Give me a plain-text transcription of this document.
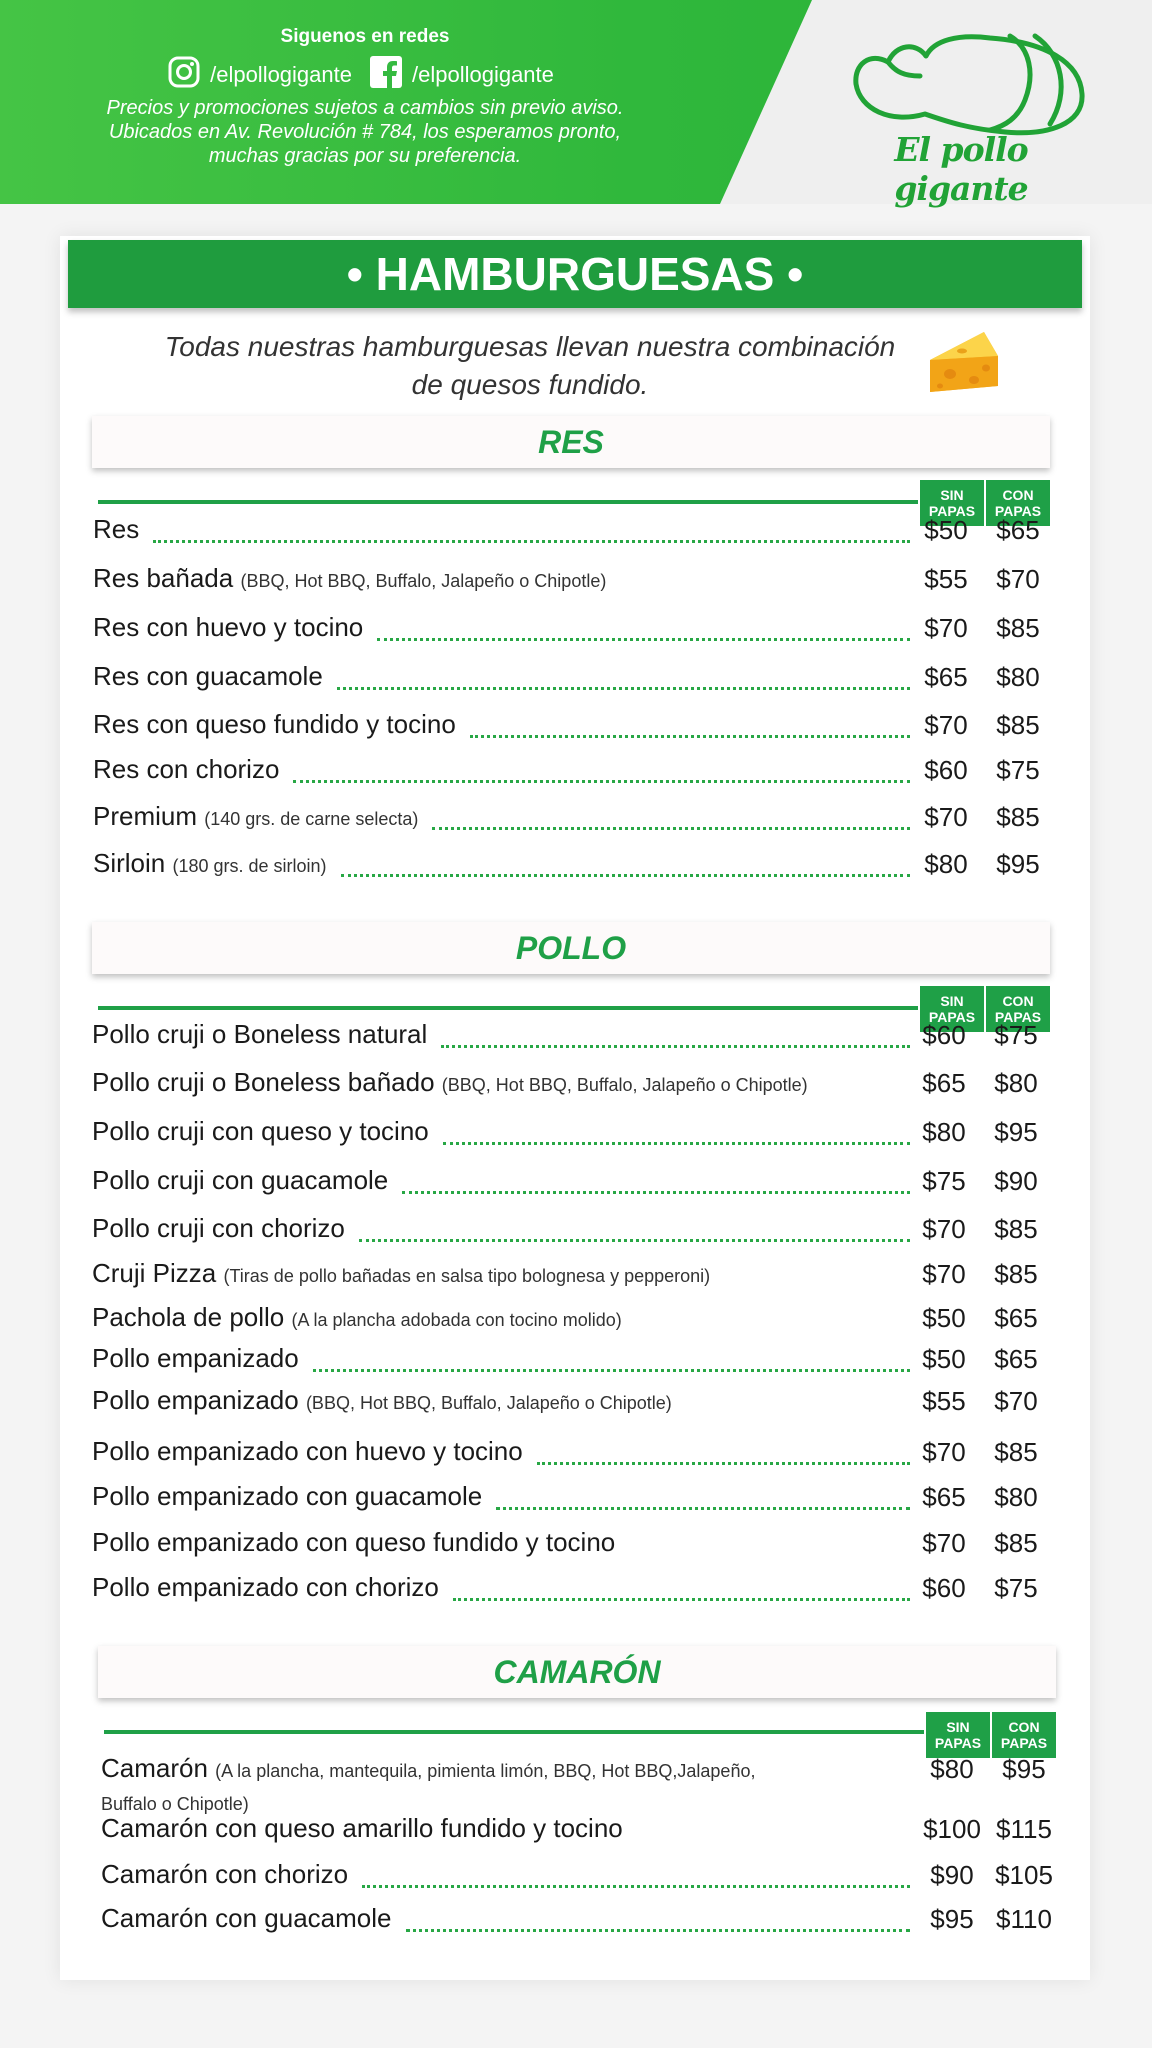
Siguenos en redes
/elpollogigante	/elpollogigante
Precios y promociones sujetos a cambios sin previo aviso.
Ubicados en Av. Revolución # 784, los esperamos pronto,
muchas gracias por su preferencia.	El pollo gigante
• HAMBURGUESAS •
Todas nuestras hamburguesas llevan nuestra combinación
de quesos fundido.
RES
SIN
PAPAS
CON
PAPAS
Res	$50	$65
Res bañada (BBQ, Hot BBQ, Buffalo, Jalapeño o Chipotle)	$55	$70
Res con huevo y tocino	$70	$85
Res con guacamole	$65	$80
Res con queso fundido y tocino	$70	$85
Res con chorizo	$60	$75
Premium (140 grs. de carne selecta)	$70	$85
Sirloin (180 grs. de sirloin)	$80	$95
POLLO
SIN
PAPAS
CON
PAPAS
Pollo cruji o Boneless natural	$60	$75
Pollo cruji o Boneless bañado (BBQ, Hot BBQ, Buffalo, Jalapeño o Chipotle)	$65	$80
Pollo cruji con queso y tocino	$80	$95
Pollo cruji con guacamole	$75	$90
Pollo cruji con chorizo	$70	$85
Cruji Pizza (Tiras de pollo bañadas en salsa tipo bolognesa y pepperoni)	$70	$85
Pachola de pollo (A la plancha adobada con tocino molido)	$50	$65
Pollo empanizado	$50	$65
Pollo empanizado (BBQ, Hot BBQ, Buffalo, Jalapeño o Chipotle)	$55	$70
Pollo empanizado con huevo y tocino	$70	$85
Pollo empanizado con guacamole	$65	$80
Pollo empanizado con queso fundido y tocino	$70	$85
Pollo empanizado con chorizo	$60	$75
CAMARÓN
SIN
PAPAS
CON
PAPAS
Camarón (A la plancha, mantequila, pimienta limón, BBQ, Hot BBQ,Jalapeño,
Buffalo o Chipotle)
$80	$95
Camarón con queso amarillo fundido y tocino	$100 $115
Camarón con chorizo	$90 $105
Camarón con guacamole	$95 $110
